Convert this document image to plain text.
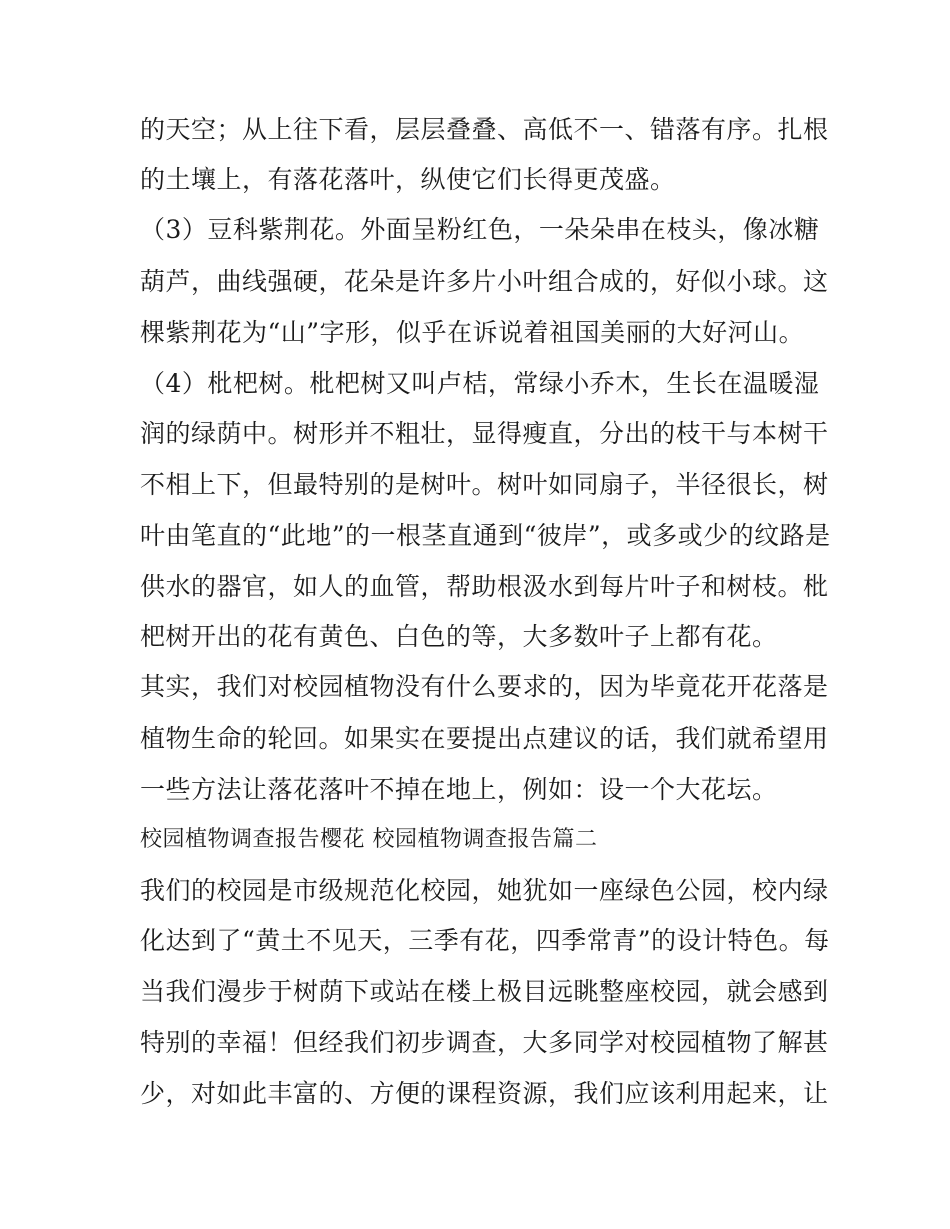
的天空；从上往下看，层层叠叠、高低不一、错落有序。扎根
的土壤上，有落花落叶，纵使它们长得更茂盛。
（3）豆科紫荆花。外面呈粉红色，一朵朵串在枝头，像冰糖
葫芦，曲线强硬，花朵是许多片小叶组合成的，好似小球。这
棵紫荆花为“山”字形，似乎在诉说着祖国美丽的大好河山。
（4）枇杷树。枇杷树又叫卢桔，常绿小乔木，生长在温暖湿
润的绿荫中。树形并不粗壮，显得瘦直，分出的枝干与本树干
不相上下，但最特别的是树叶。树叶如同扇子，半径很长，树
叶由笔直的“此地”的一根茎直通到“彼岸”，或多或少的纹路是
供水的器官，如人的血管，帮助根汲水到每片叶子和树枝。枇
杷树开出的花有黄色、白色的等，大多数叶子上都有花。
其实，我们对校园植物没有什么要求的，因为毕竟花开花落是
植物生命的轮回。如果实在要提出点建议的话，我们就希望用
一些方法让落花落叶不掉在地上，例如：设一个大花坛。
校园植物调查报告樱花 校园植物调查报告篇二
我们的校园是市级规范化校园，她犹如一座绿色公园，校内绿
化达到了“黄土不见天，三季有花，四季常青”的设计特色。每
当我们漫步于树荫下或站在楼上极目远眺整座校园，就会感到
特别的幸福！但经我们初步调查，大多同学对校园植物了解甚
少，对如此丰富的、方便的课程资源，我们应该利用起来，让
